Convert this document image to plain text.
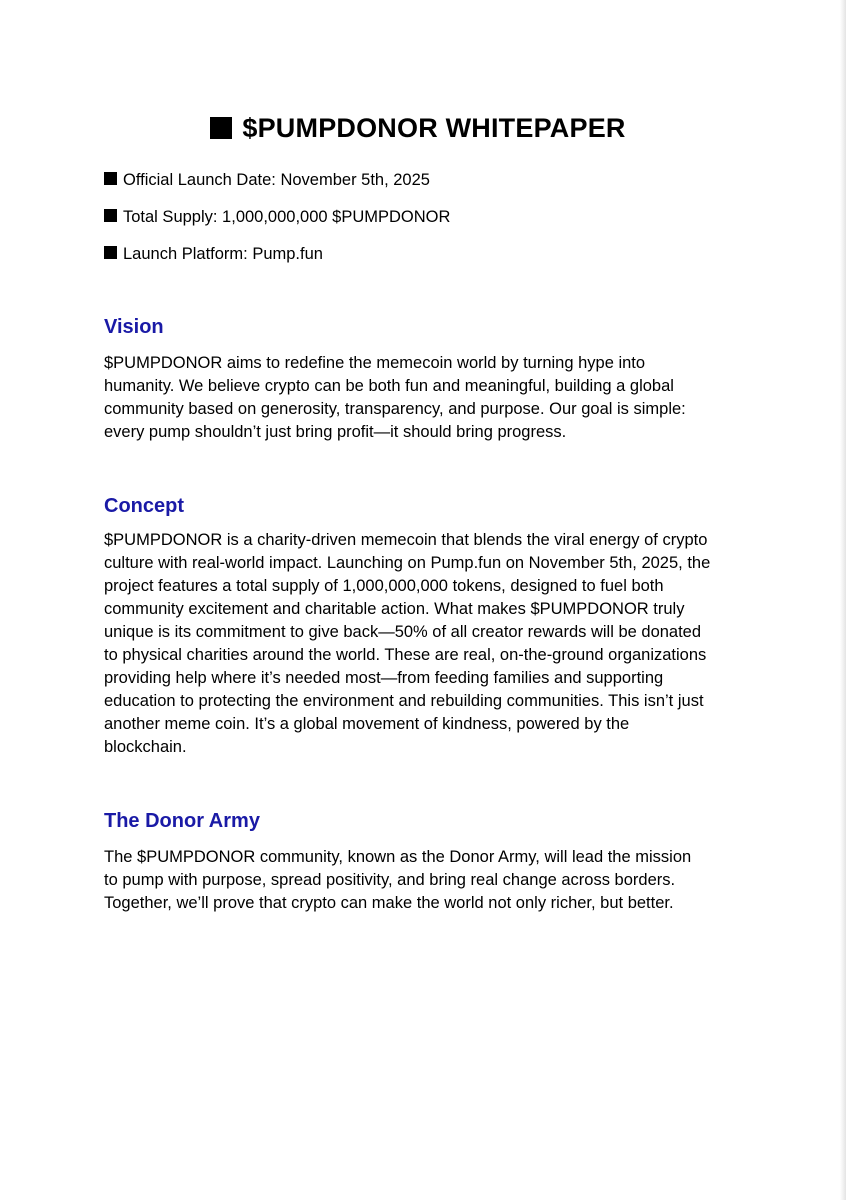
$PUMPDONOR WHITEPAPER
Official Launch Date: November 5th, 2025
Total Supply: 1,000,000,000 $PUMPDONOR
Launch Platform: Pump.fun
Vision

$PUMPDONOR aims to redefine the memecoin world by turning hype into
humanity. We believe crypto can be both fun and meaningful, building a global
community based on generosity, transparency, and purpose. Our goal is simple:
every pump shouldn’t just bring profit—it should bring progress.

Concept

$PUMPDONOR is a charity-driven memecoin that blends the viral energy of crypto
culture with real-world impact. Launching on Pump.fun on November 5th, 2025, the
project features a total supply of 1,000,000,000 tokens, designed to fuel both
community excitement and charitable action. What makes $PUMPDONOR truly
unique is its commitment to give back—50% of all creator rewards will be donated
to physical charities around the world. These are real, on-the-ground organizations
providing help where it’s needed most—from feeding families and supporting
education to protecting the environment and rebuilding communities. This isn’t just
another meme coin. It’s a global movement of kindness, powered by the
blockchain.

The Donor Army

The $PUMPDONOR community, known as the Donor Army, will lead the mission
to pump with purpose, spread positivity, and bring real change across borders.
Together, we’ll prove that crypto can make the world not only richer, but better.
